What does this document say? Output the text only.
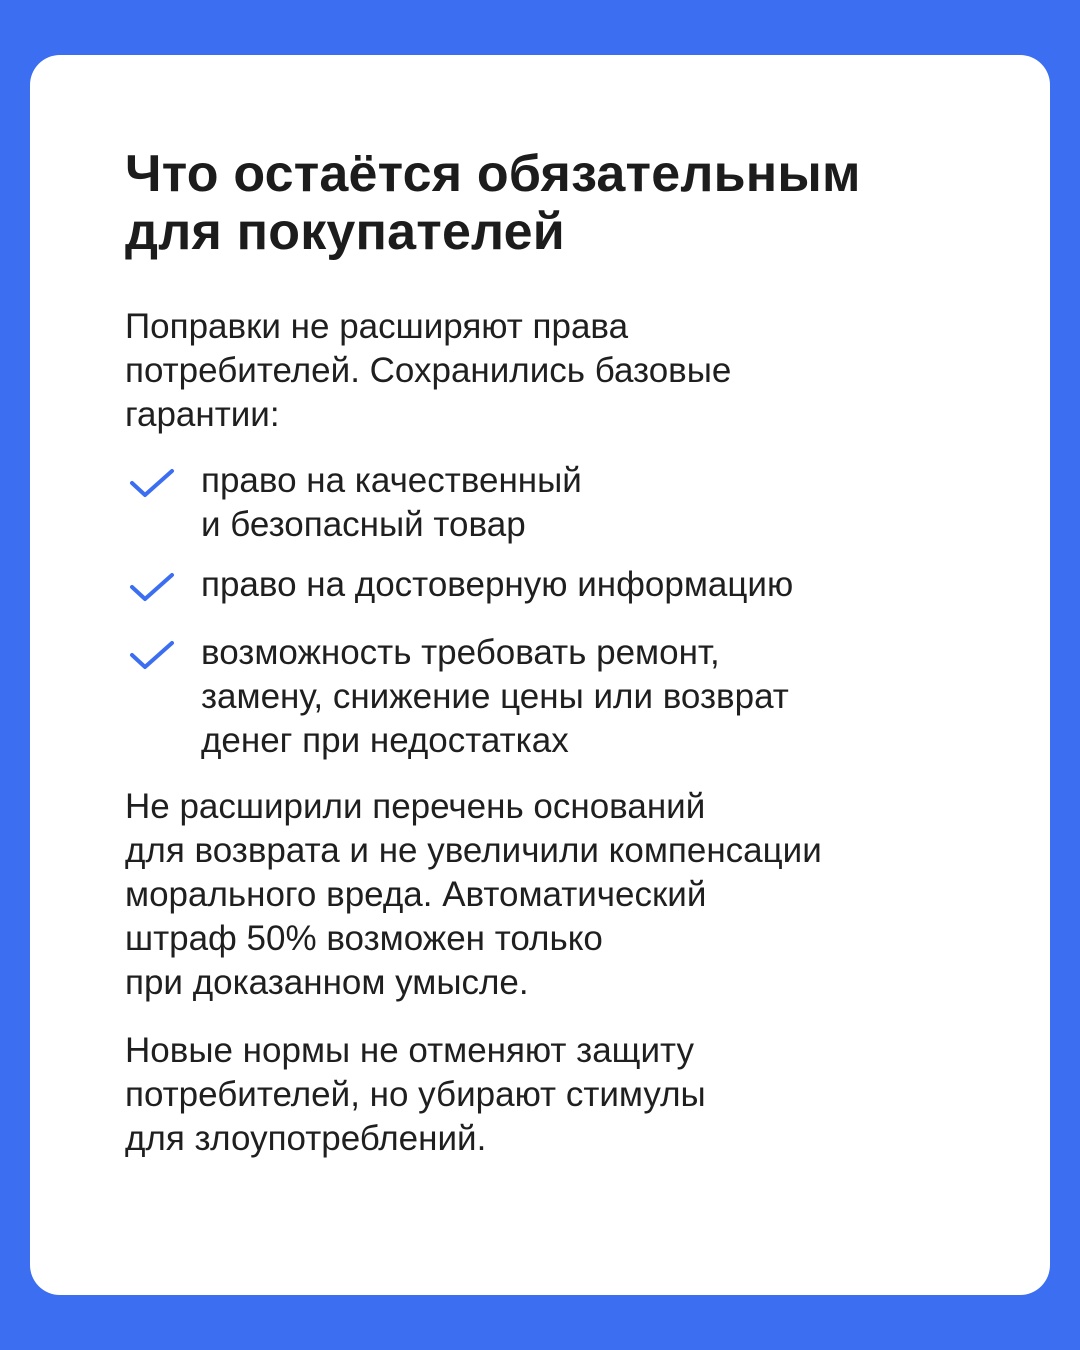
Что остаётся обязательным
для покупателей

Поправки не расширяют права
потребителей. Сохранились базовые
гарантии:

право на качественный
и безопасный товар
право на достоверную информацию
возможность требовать ремонт,
замену, снижение цены или возврат
денег при недостатках

Не расширили перечень оснований
для возврата и не увеличили компенсации
морального вреда. Автоматический
штраф 50% возможен только
при доказанном умысле.

Новые нормы не отменяют защиту
потребителей, но убирают стимулы
для злоупотреблений.
